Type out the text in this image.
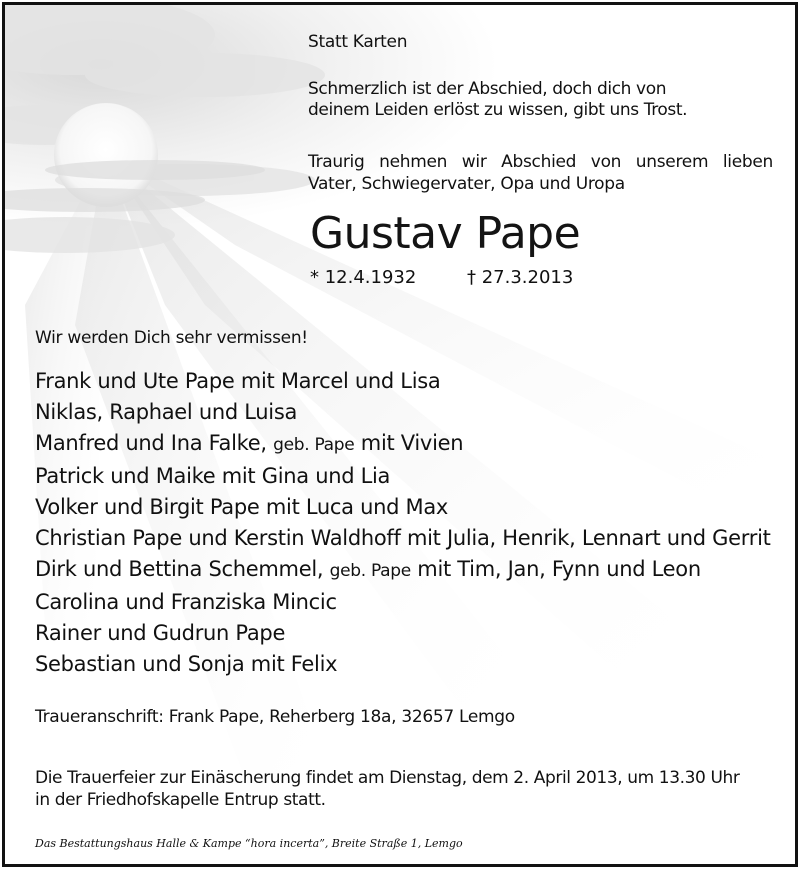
Statt Karten
Schmerzlich ist der Abschied, doch dich von
deinem Leiden erlöst zu wissen, gibt uns Trost.
Traurig nehmen wir Abschied von unserem lieben
Vater, Schwiegervater, Opa und Uropa
Gustav Pape
* 12.4.1932	† 27.3.2013
Wir werden Dich sehr vermissen!
Frank und Ute Pape mit Marcel und Lisa
Niklas, Raphael und Luisa
Manfred und Ina Falke, geb. Pape mit Vivien
Patrick und Maike mit Gina und Lia
Volker und Birgit Pape mit Luca und Max
Christian Pape und Kerstin Waldhoff mit Julia, Henrik, Lennart und Gerrit
Dirk und Bettina Schemmel, geb. Pape mit Tim, Jan, Fynn und Leon
Carolina und Franziska Mincic
Rainer und Gudrun Pape
Sebastian und Sonja mit Felix
Traueranschrift: Frank Pape, Reherberg 18a, 32657 Lemgo
Die Trauerfeier zur Einäscherung findet am Dienstag, dem 2. April 2013, um 13.30 Uhr
in der Friedhofskapelle Entrup statt.
Das Bestattungshaus Halle & Kampe “hora incerta”, Breite Straße 1, Lemgo
